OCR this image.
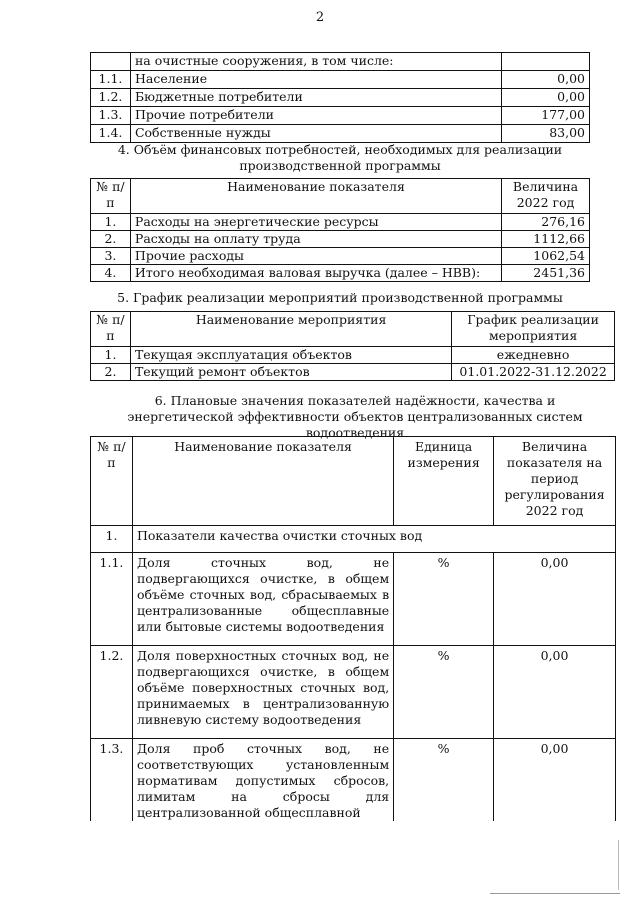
2
	на очистные сооружения, в том числе:	
1.1.	Население	0,00
1.2.	Бюджетные потребители	0,00
1.3.	Прочие потребители	177,00
1.4.	Собственные нужды	83,00
4. Объём финансовых потребностей, необходимых для реализации производственной программы
№ п/п	Наименование показателя	Величина 2022 год
1.	Расходы на энергетические ресурсы	276,16
2.	Расходы на оплату труда	1112,66
3.	Прочие расходы	1062,54
4.	Итого необходимая валовая выручка (далее – НВВ):	2451,36
5. График реализации мероприятий производственной программы
№ п/п	Наименование мероприятия	График реализации мероприятия
1.	Текущая эксплуатация объектов	ежедневно
2.	Текущий ремонт объектов	01.01.2022-31.12.2022
6. Плановые значения показателей надёжности, качества и энергетической эффективности объектов централизованных систем водоотведения
№ п/п	Наименование показателя	Единица измерения	Величина показателя на период регулирования 2022 год
1.	Показатели качества очистки сточных вод		
1.1.	Доля сточных вод, не подвергающихся очистке, в общем объёме сточных вод, сбрасываемых в централизованные общесплавные или бытовые системы водоотведения	%	0,00
1.2.	Доля поверхностных сточных вод, не подвергающихся очистке, в общем объёме поверхностных сточных вод, принимаемых в централизованную ливневую систему водоотведения	%	0,00
1.3.	Доля проб сточных вод, не соответствующих установленным нормативам допустимых сбросов, лимитам на сбросы для централизованной общесплавной	%	0,00
